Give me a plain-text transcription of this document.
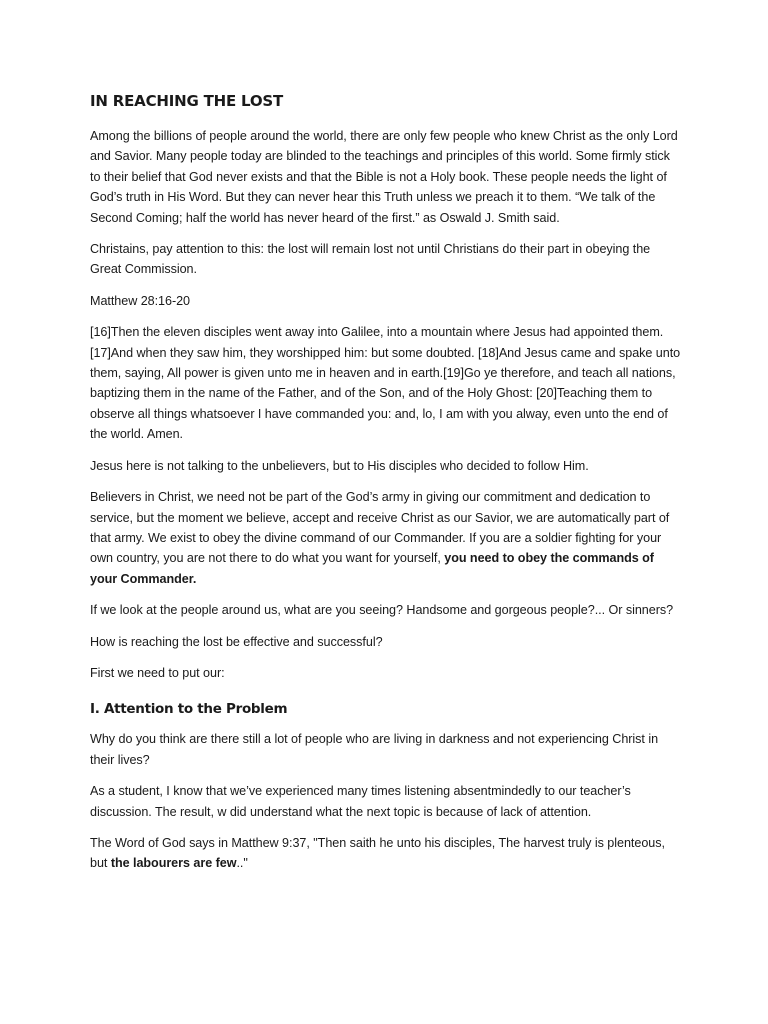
IN REACHING THE LOST

Among the billions of people around the world, there are only few people who knew Christ as the only Lord and Savior. Many people today are blinded to the teachings and principles of this world. Some firmly stick to their belief that God never exists and that the Bible is not a Holy book. These people needs the light of God’s truth in His Word. But they can never hear this Truth unless we preach it to them. “We talk of the Second Coming; half the world has never heard of the first.” as Oswald J. Smith said.

Christains, pay attention to this: the lost will remain lost not until Christians do their part in obeying the Great Commission.

Matthew 28:16-20

[16]Then the eleven disciples went away into Galilee, into a mountain where Jesus had appointed them. [17]And when they saw him, they worshipped him: but some doubted. [18]And Jesus came and spake unto them, saying, All power is given unto me in heaven and in earth.[19]Go ye therefore, and teach all nations, baptizing them in the name of the Father, and of the Son, and of the Holy Ghost: [20]Teaching them to observe all things whatsoever I have commanded you: and, lo, I am with you alway, even unto the end of the world. Amen.

Jesus here is not talking to the unbelievers, but to His disciples who decided to follow Him.

Believers in Christ, we need not be part of the God’s army in giving our commitment and dedication to service, but the moment we believe, accept and receive Christ as our Savior, we are automatically part of that army. We exist to obey the divine command of our Commander. If you are a soldier fighting for your own country, you are not there to do what you want for yourself, you need to obey the commands of your Commander.

If we look at the people around us, what are you seeing? Handsome and gorgeous people?... Or sinners?

How is reaching the lost be effective and successful?

First we need to put our:

I. Attention to the Problem

Why do you think are there still a lot of people who are living in darkness and not experiencing Christ in their lives?

As a student, I know that we’ve experienced many times listening absentmindedly to our teacher’s discussion. The result, w did understand what the next topic is because of lack of attention.

The Word of God says in Matthew 9:37, "Then saith he unto his disciples, The harvest truly is plenteous, but the labourers are few.."
